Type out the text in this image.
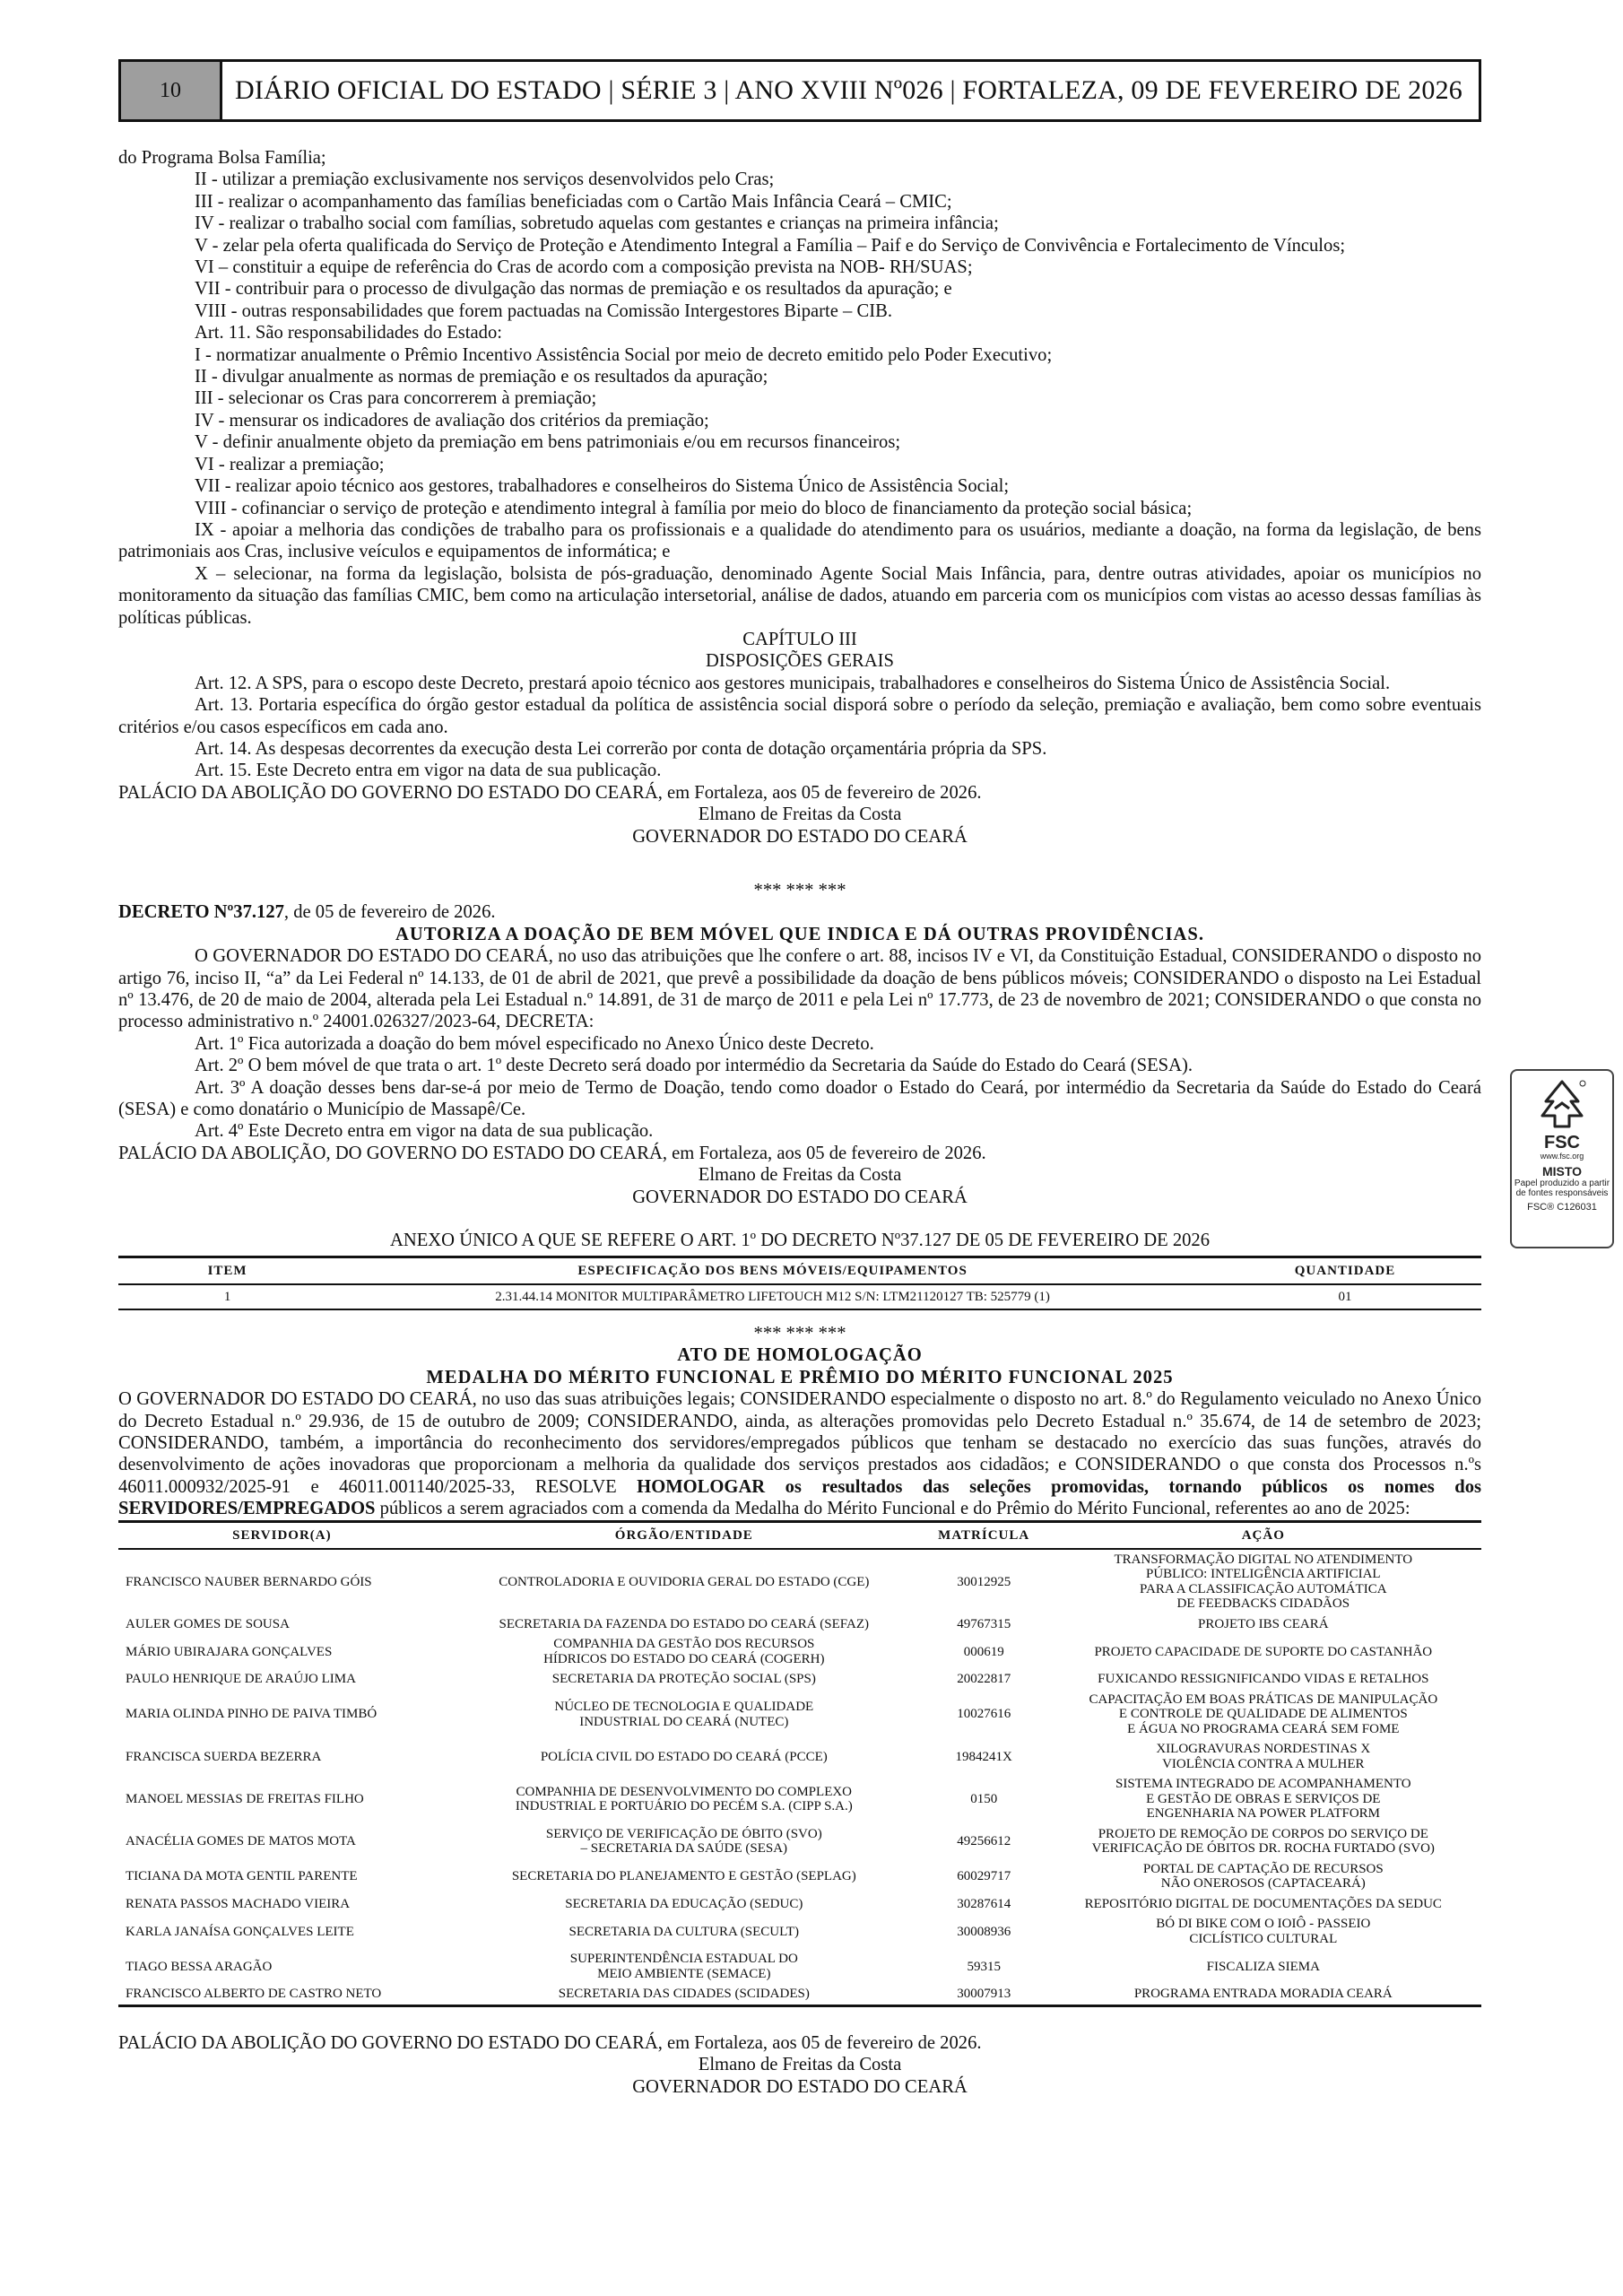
10	DIÁRIO OFICIAL DO ESTADO | SÉRIE 3 | ANO XVIII Nº026 | FORTALEZA, 09 DE FEVEREIRO DE 2026

do Programa Bolsa Família;

II - utilizar a premiação exclusivamente nos serviços desenvolvidos pelo Cras;

III - realizar o acompanhamento das famílias beneficiadas com o Cartão Mais Infância Ceará – CMIC;

IV - realizar o trabalho social com famílias, sobretudo aquelas com gestantes e crianças na primeira infância;

V - zelar pela oferta qualificada do Serviço de Proteção e Atendimento Integral a Família – Paif e do Serviço de Convivência e Fortalecimento de Vínculos;

VI – constituir a equipe de referência do Cras de acordo com a composição prevista na NOB- RH/SUAS;

VII - contribuir para o processo de divulgação das normas de premiação e os resultados da apuração; e

VIII - outras responsabilidades que forem pactuadas na Comissão Intergestores Biparte – CIB.

Art. 11. São responsabilidades do Estado:

I - normatizar anualmente o Prêmio Incentivo Assistência Social por meio de decreto emitido pelo Poder Executivo;

II - divulgar anualmente as normas de premiação e os resultados da apuração;

III - selecionar os Cras para concorrerem à premiação;

IV - mensurar os indicadores de avaliação dos critérios da premiação;

V - definir anualmente objeto da premiação em bens patrimoniais e/ou em recursos financeiros;

VI - realizar a premiação;

VII - realizar apoio técnico aos gestores, trabalhadores e conselheiros do Sistema Único de Assistência Social;

VIII - cofinanciar o serviço de proteção e atendimento integral à família por meio do bloco de financiamento da proteção social básica;

IX - apoiar a melhoria das condições de trabalho para os profissionais e a qualidade do atendimento para os usuários, mediante a doação, na forma da legislação, de bens patrimoniais aos Cras, inclusive veículos e equipamentos de informática; e

X – selecionar, na forma da legislação, bolsista de pós-graduação, denominado Agente Social Mais Infância, para, dentre outras atividades, apoiar os municípios no monitoramento da situação das famílias CMIC, bem como na articulação intersetorial, análise de dados, atuando em parceria com os municípios com vistas ao acesso dessas famílias às políticas públicas.

CAPÍTULO III

DISPOSIÇÕES GERAIS

Art. 12. A SPS, para o escopo deste Decreto, prestará apoio técnico aos gestores municipais, trabalhadores e conselheiros do Sistema Único de Assistência Social.

Art. 13. Portaria específica do órgão gestor estadual da política de assistência social disporá sobre o período da seleção, premiação e avaliação, bem como sobre eventuais critérios e/ou casos específicos em cada ano.

Art. 14. As despesas decorrentes da execução desta Lei correrão por conta de dotação orçamentária própria da SPS.

Art. 15. Este Decreto entra em vigor na data de sua publicação.

PALÁCIO DA ABOLIÇÃO DO GOVERNO DO ESTADO DO CEARÁ, em Fortaleza, aos 05 de fevereiro de 2026.

Elmano de Freitas da Costa

GOVERNADOR DO ESTADO DO CEARÁ

*** *** ***

DECRETO Nº37.127, de 05 de fevereiro de 2026.

AUTORIZA A DOAÇÃO DE BEM MÓVEL QUE INDICA E DÁ OUTRAS PROVIDÊNCIAS.

O GOVERNADOR DO ESTADO DO CEARÁ, no uso das atribuições que lhe confere o art. 88, incisos IV e VI, da Constituição Estadual, CONSIDERANDO o disposto no artigo 76, inciso II, “a” da Lei Federal nº 14.133, de 01 de abril de 2021, que prevê a possibilidade da doação de bens públicos móveis; CONSIDERANDO o disposto na Lei Estadual nº 13.476, de 20 de maio de 2004, alterada pela Lei Estadual n.º 14.891, de 31 de março de 2011 e pela Lei nº 17.773, de 23 de novembro de 2021; CONSIDERANDO o que consta no processo administrativo n.º 24001.026327/2023-64, DECRETA:

Art. 1º Fica autorizada a doação do bem móvel especificado no Anexo Único deste Decreto.

Art. 2º O bem móvel de que trata o art. 1º deste Decreto será doado por intermédio da Secretaria da Saúde do Estado do Ceará (SESA).

Art. 3º A doação desses bens dar-se-á por meio de Termo de Doação, tendo como doador o Estado do Ceará, por intermédio da Secretaria da Saúde do Estado do Ceará (SESA) e como donatário o Município de Massapê/Ce.

Art. 4º Este Decreto entra em vigor na data de sua publicação.

PALÁCIO DA ABOLIÇÃO, DO GOVERNO DO ESTADO DO CEARÁ, em Fortaleza, aos 05 de fevereiro de 2026.

Elmano de Freitas da Costa

GOVERNADOR DO ESTADO DO CEARÁ

ANEXO ÚNICO A QUE SE REFERE O ART. 1º DO DECRETO Nº37.127 DE 05 DE FEVEREIRO DE 2026

ITEM	ESPECIFICAÇÃO DOS BENS MÓVEIS/EQUIPAMENTOS	QUANTIDADE
1	2.31.44.14 MONITOR MULTIPARÂMETRO LIFETOUCH M12 S/N: LTM21120127 TB: 525779 (1)	01

*** *** ***

ATO DE HOMOLOGAÇÃO

MEDALHA DO MÉRITO FUNCIONAL E PRÊMIO DO MÉRITO FUNCIONAL 2025

O GOVERNADOR DO ESTADO DO CEARÁ, no uso das suas atribuições legais; CONSIDERANDO especialmente o disposto no art. 8.º do Regulamento veiculado no Anexo Único do Decreto Estadual n.º 29.936, de 15 de outubro de 2009; CONSIDERANDO, ainda, as alterações promovidas pelo Decreto Estadual n.º 35.674, de 14 de setembro de 2023; CONSIDERANDO, também, a importância do reconhecimento dos servidores/empregados públicos que tenham se destacado no exercício das suas funções, através do desenvolvimento de ações inovadoras que proporcionam a melhoria da qualidade dos serviços prestados aos cidadãos; e CONSIDERANDO o que consta dos Processos n.ºs 46011.000932/2025-91 e 46011.001140/2025-33, RESOLVE HOMOLOGAR os resultados das seleções promovidas, tornando públicos os nomes dos SERVIDORES/EMPREGADOS públicos a serem agraciados com a comenda da Medalha do Mérito Funcional e do Prêmio do Mérito Funcional, referentes ao ano de 2025:

SERVIDOR(A)	ÓRGÃO/ENTIDADE	MATRÍCULA	AÇÃO
FRANCISCO NAUBER BERNARDO GÓIS	CONTROLADORIA E OUVIDORIA GERAL DO ESTADO (CGE)	30012925	TRANSFORMAÇÃO DIGITAL NO ATENDIMENTO
PÚBLICO: INTELIGÊNCIA ARTIFICIAL
PARA A CLASSIFICAÇÃO AUTOMÁTICA
DE FEEDBACKS CIDADÃOS
AULER GOMES DE SOUSA	SECRETARIA DA FAZENDA DO ESTADO DO CEARÁ (SEFAZ)	49767315	PROJETO IBS CEARÁ
MÁRIO UBIRAJARA GONÇALVES	COMPANHIA DA GESTÃO DOS RECURSOS
HÍDRICOS DO ESTADO DO CEARÁ (COGERH)	000619	PROJETO CAPACIDADE DE SUPORTE DO CASTANHÃO
PAULO HENRIQUE DE ARAÚJO LIMA	SECRETARIA DA PROTEÇÃO SOCIAL (SPS)	20022817	FUXICANDO RESSIGNIFICANDO VIDAS E RETALHOS
MARIA OLINDA PINHO DE PAIVA TIMBÓ	NÚCLEO DE TECNOLOGIA E QUALIDADE
INDUSTRIAL DO CEARÁ (NUTEC)	10027616	CAPACITAÇÃO EM BOAS PRÁTICAS DE MANIPULAÇÃO
E CONTROLE DE QUALIDADE DE ALIMENTOS
E ÁGUA NO PROGRAMA CEARÁ SEM FOME
FRANCISCA SUERDA BEZERRA	POLÍCIA CIVIL DO ESTADO DO CEARÁ (PCCE)	1984241X	XILOGRAVURAS NORDESTINAS X
VIOLÊNCIA CONTRA A MULHER
MANOEL MESSIAS DE FREITAS FILHO	COMPANHIA DE DESENVOLVIMENTO DO COMPLEXO
INDUSTRIAL E PORTUÁRIO DO PECÉM S.A. (CIPP S.A.)	0150	SISTEMA INTEGRADO DE ACOMPANHAMENTO
E GESTÃO DE OBRAS E SERVIÇOS DE
ENGENHARIA NA POWER PLATFORM
ANACÉLIA GOMES DE MATOS MOTA	SERVIÇO DE VERIFICAÇÃO DE ÓBITO (SVO)
– SECRETARIA DA SAÚDE (SESA)	49256612	PROJETO DE REMOÇÃO DE CORPOS DO SERVIÇO DE
VERIFICAÇÃO DE ÓBITOS DR. ROCHA FURTADO (SVO)
TICIANA DA MOTA GENTIL PARENTE	SECRETARIA DO PLANEJAMENTO E GESTÃO (SEPLAG)	60029717	PORTAL DE CAPTAÇÃO DE RECURSOS
NÃO ONEROSOS (CAPTACEARÁ)
RENATA PASSOS MACHADO VIEIRA	SECRETARIA DA EDUCAÇÃO (SEDUC)	30287614	REPOSITÓRIO DIGITAL DE DOCUMENTAÇÕES DA SEDUC
KARLA JANAÍSA GONÇALVES LEITE	SECRETARIA DA CULTURA (SECULT)	30008936	BÓ DI BIKE COM O IOIÔ - PASSEIO
CICLÍSTICO CULTURAL
TIAGO BESSA ARAGÃO	SUPERINTENDÊNCIA ESTADUAL DO
MEIO AMBIENTE (SEMACE)	59315	FISCALIZA SIEMA
FRANCISCO ALBERTO DE CASTRO NETO	SECRETARIA DAS CIDADES (SCIDADES)	30007913	PROGRAMA ENTRADA MORADIA CEARÁ

PALÁCIO DA ABOLIÇÃO DO GOVERNO DO ESTADO DO CEARÁ, em Fortaleza, aos 05 de fevereiro de 2026.

Elmano de Freitas da Costa

GOVERNADOR DO ESTADO DO CEARÁ

FSC
www.fsc.org
MISTO
Papel produzido a partir de fontes responsáveis
FSC® C126031
